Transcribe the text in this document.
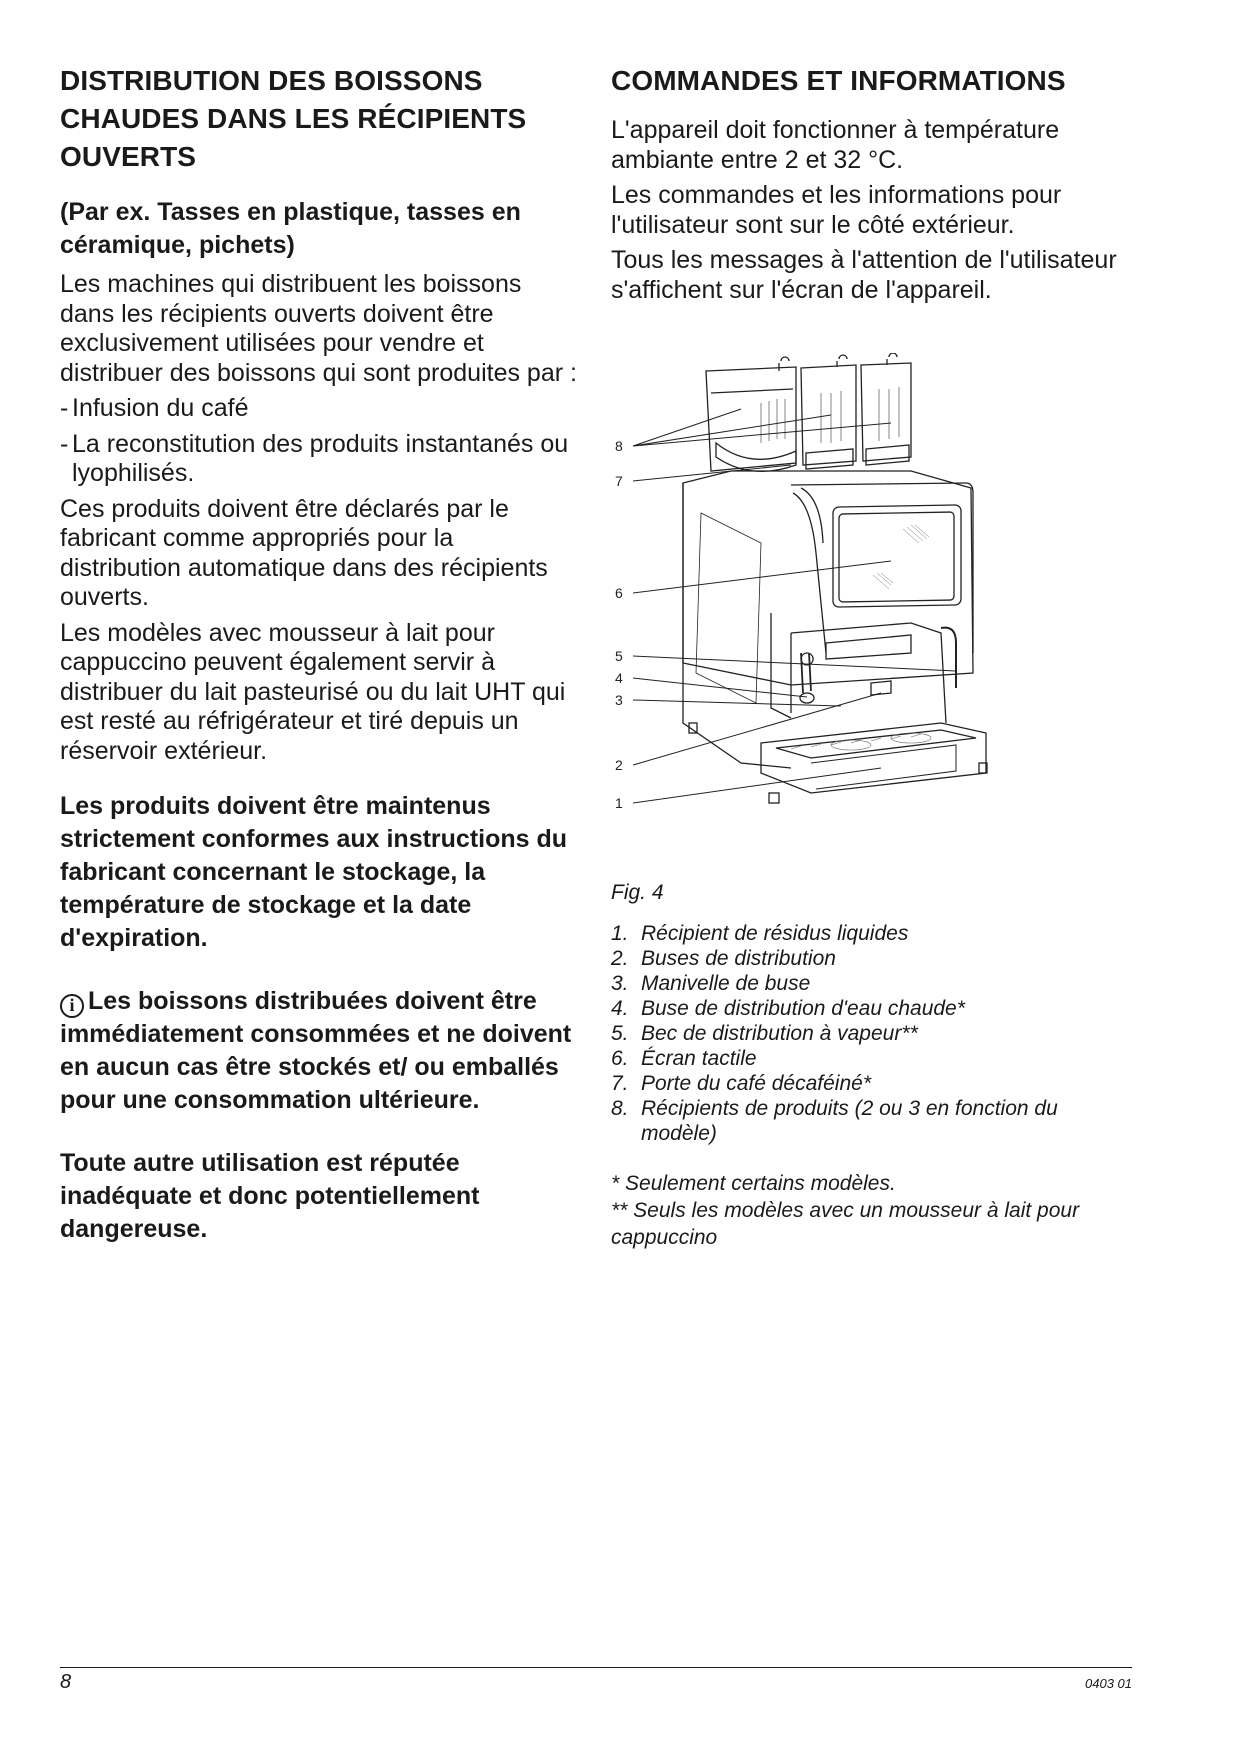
DISTRIBUTION DES BOISSONS CHAUDES DANS LES RÉCIPIENTS OUVERTS
(Par ex. Tasses en plastique, tasses en céramique, pichets)

Les machines qui distribuent les boissons dans les récipients ouverts doivent être exclusivement utilisées pour vendre et distribuer des boissons qui sont produites par :

- Infusion du café
- La reconstitution des produits instantanés ou lyophilisés.

Ces produits doivent être déclarés par le fabricant comme appropriés pour la distribution automatique dans des récipients ouverts.

Les modèles avec mousseur à lait pour cappuccino peuvent également servir à distribuer du lait pasteurisé ou du lait UHT qui est resté au réfrigérateur et tiré depuis un réservoir extérieur.

Les produits doivent être maintenus strictement conformes aux instructions du fabricant concernant le stockage, la température de stockage et la date d'expiration.

i Les boissons distribuées doivent être immédiatement consommées et ne doivent en aucun cas être stockés et/ ou emballés pour une consommation ultérieure.

Toute autre utilisation est réputée inadéquate et donc potentiellement dangereuse.

COMMANDES ET INFORMATIONS

L'appareil doit fonctionner à température ambiante entre 2 et 32 °C.

Les commandes et les informations pour l'utilisateur sont sur le côté extérieur.

Tous les messages à l'attention de l'utilisateur s'affichent sur l'écran de l'appareil.

8
7
6
5
4
3
2
1
Fig. 4
1. Récipient de résidus liquides
2. Buses de distribution
3. Manivelle de buse
4. Buse de distribution d'eau chaude*
5. Bec de distribution à vapeur**
6. Écran tactile
7. Porte du café décaféiné*
8. Récipients de produits (2 ou 3 en fonction du modèle)

* Seulement certains modèles.

** Seuls les modèles avec un mousseur à lait pour cappuccino

8	0403 01
